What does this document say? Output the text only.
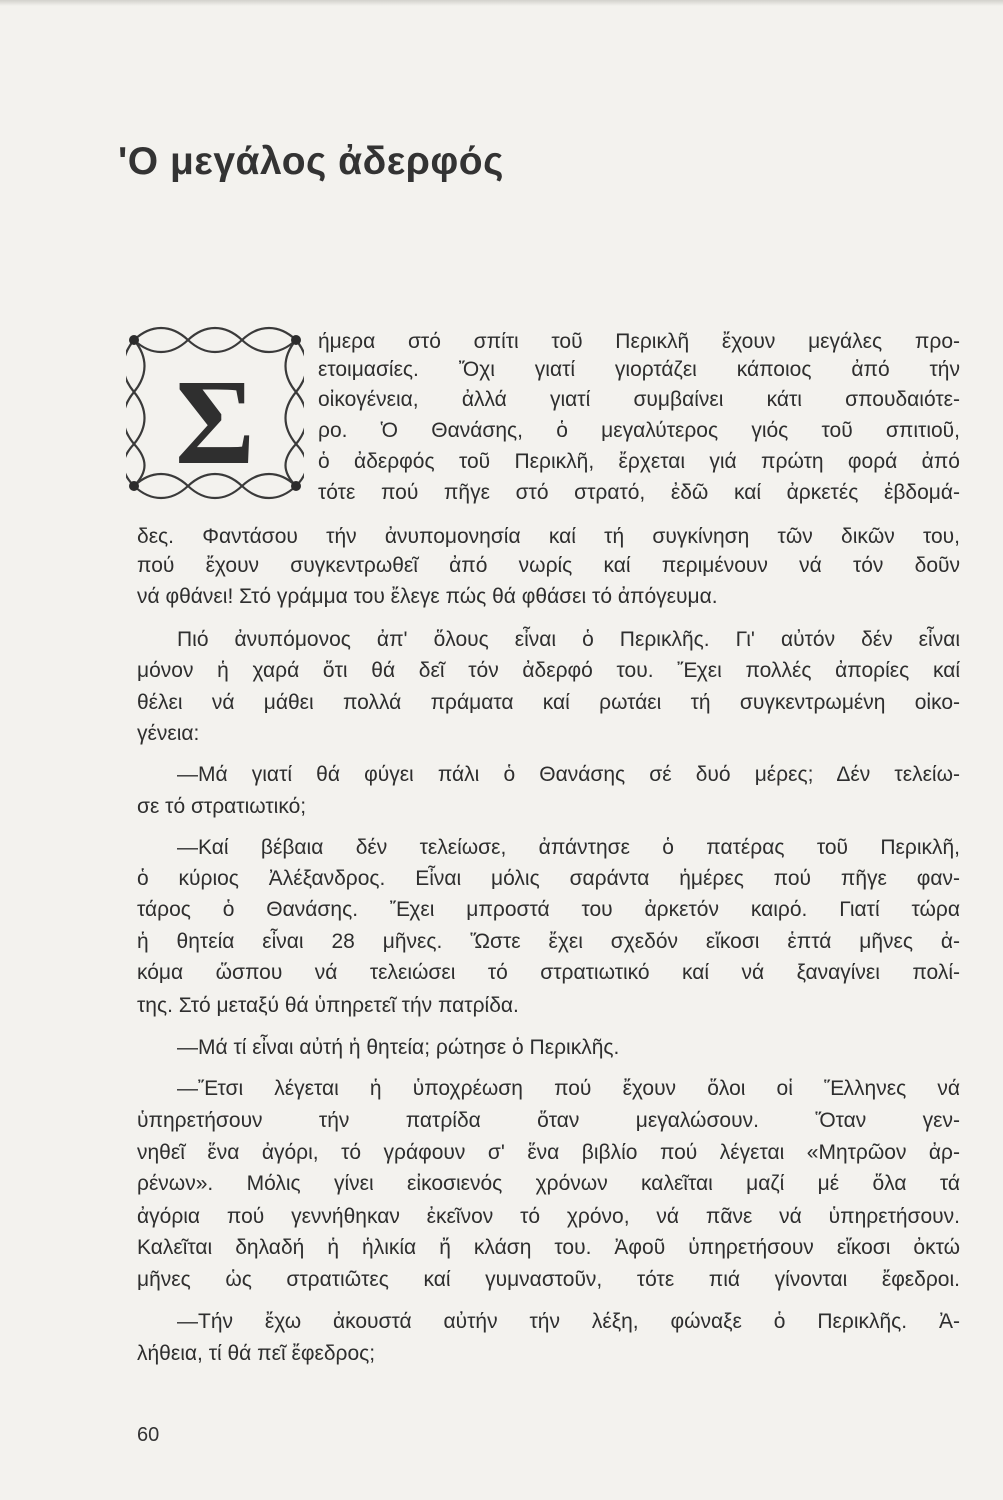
'Ο μεγάλος ἀδερφός
Σ
ήμερα στό σπίτι τοῦ Περικλῆ ἔχουν μεγάλες προ-
ετοιμασίες. Ὄχι γιατί γιορτάζει κάποιος ἀπό τήν
οἰκογένεια, ἀλλά γιατί συμβαίνει κάτι σπουδαιότε-
ρο. Ὁ Θανάσης, ὁ μεγαλύτερος γιός τοῦ σπιτιοῦ,
ὁ ἀδερφός τοῦ Περικλῆ, ἔρχεται γιά πρώτη φορά ἀπό
τότε πού πῆγε στό στρατό, ἐδῶ καί ἀρκετές ἑβδομά-
δες. Φαντάσου τήν ἀνυπομονησία καί τή συγκίνηση τῶν δικῶν του,
πού ἔχουν συγκεντρωθεῖ ἀπό νωρίς καί περιμένουν νά τόν δοῦν
νά φθάνει! Στό γράμμα του ἔλεγε πώς θά φθάσει τό ἀπόγευμα.
Πιό ἀνυπόμονος ἀπ' ὅλους εἶναι ὁ Περικλῆς. Γι' αὐτόν δέν εἶναι
μόνον ἡ χαρά ὅτι θά δεῖ τόν ἀδερφό του. Ἔχει πολλές ἀπορίες καί
θέλει νά μάθει πολλά πράματα καί ρωτάει τή συγκεντρωμένη οἰκο-
γένεια:
—Μά γιατί θά φύγει πάλι ὁ Θανάσης σέ δυό μέρες; Δέν τελείω-
σε τό στρατιωτικό;
—Καί βέβαια δέν τελείωσε, ἀπάντησε ὁ πατέρας τοῦ Περικλῆ,
ὁ κύριος Ἀλέξανδρος. Εἶναι μόλις σαράντα ἡμέρες πού πῆγε φαν-
τάρος ὁ Θανάσης. Ἔχει μπροστά του ἀρκετόν καιρό. Γιατί τώρα
ἡ θητεία εἶναι 28 μῆνες. Ὥστε ἔχει σχεδόν εἴκοσι ἑπτά μῆνες ἀ-
κόμα ὥσπου νά τελειώσει τό στρατιωτικό καί νά ξαναγίνει πολί-
της. Στό μεταξύ θά ὑπηρετεῖ τήν πατρίδα.
—Μά τί εἶναι αὐτή ἡ θητεία; ρώτησε ὁ Περικλῆς.
—Ἔτσι λέγεται ἡ ὑποχρέωση πού ἔχουν ὅλοι οἱ Ἕλληνες νά
ὑπηρετήσουν τήν πατρίδα ὅταν μεγαλώσουν. Ὅταν γεν-
νηθεῖ ἕνα ἀγόρι, τό γράφουν σ' ἕνα βιβλίο πού λέγεται «Μητρῶον ἀρ-
ρένων». Μόλις γίνει εἰκοσιενός χρόνων καλεῖται μαζί μέ ὅλα τά
ἀγόρια πού γεννήθηκαν ἐκεῖνον τό χρόνο, νά πᾶνε νά ὑπηρετήσουν.
Καλεῖται δηλαδή ἡ ἡλικία ἤ κλάση του. Ἀφοῦ ὑπηρετήσουν εἴκοσι ὀκτώ
μῆνες ὡς στρατιῶτες καί γυμναστοῦν, τότε πιά γίνονται ἔφεδροι.
—Τήν ἔχω ἀκουστά αὐτήν τήν λέξη, φώναξε ὁ Περικλῆς. Ἀ-
λήθεια, τί θά πεῖ ἔφεδρος;
60
